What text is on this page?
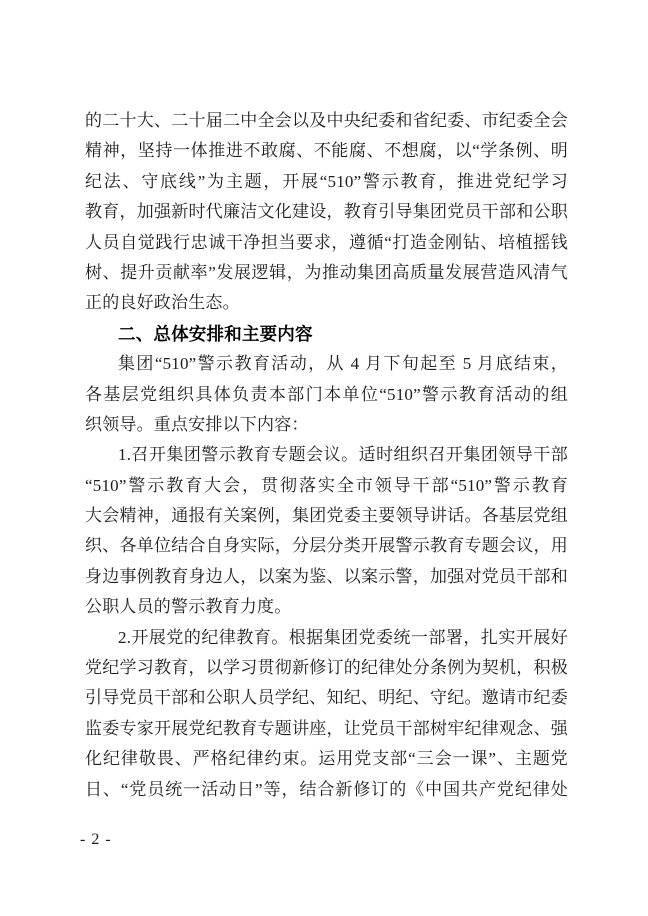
的二十大、二十届二中全会以及中央纪委和省纪委、市纪委全会
精神，坚持一体推进不敢腐、不能腐、不想腐，以“学条例、明
纪法、守底线”为主题，开展“510”警示教育，推进党纪学习
教育，加强新时代廉洁文化建设，教育引导集团党员干部和公职
人员自觉践行忠诚干净担当要求，遵循“打造金刚钻、培植摇钱
树、提升贡献率”发展逻辑，为推动集团高质量发展营造风清气
正的良好政治生态。
二、总体安排和主要内容
集团“510”警示教育活动，从 4 月下旬起至 5 月底结束，
各基层党组织具体负责本部门本单位“510”警示教育活动的组
织领导。重点安排以下内容：
1.召开集团警示教育专题会议。适时组织召开集团领导干部
“510”警示教育大会，贯彻落实全市领导干部“510”警示教育
大会精神，通报有关案例，集团党委主要领导讲话。各基层党组
织、各单位结合自身实际，分层分类开展警示教育专题会议，用
身边事例教育身边人，以案为鉴、以案示警，加强对党员干部和
公职人员的警示教育力度。
2.开展党的纪律教育。根据集团党委统一部署，扎实开展好
党纪学习教育，以学习贯彻新修订的纪律处分条例为契机，积极
引导党员干部和公职人员学纪、知纪、明纪、守纪。邀请市纪委
监委专家开展党纪教育专题讲座，让党员干部树牢纪律观念、强
化纪律敬畏、严格纪律约束。运用党支部“三会一课”、主题党
日、“党员统一活动日”等，结合新修订的《中国共产党纪律处
- 2 -
